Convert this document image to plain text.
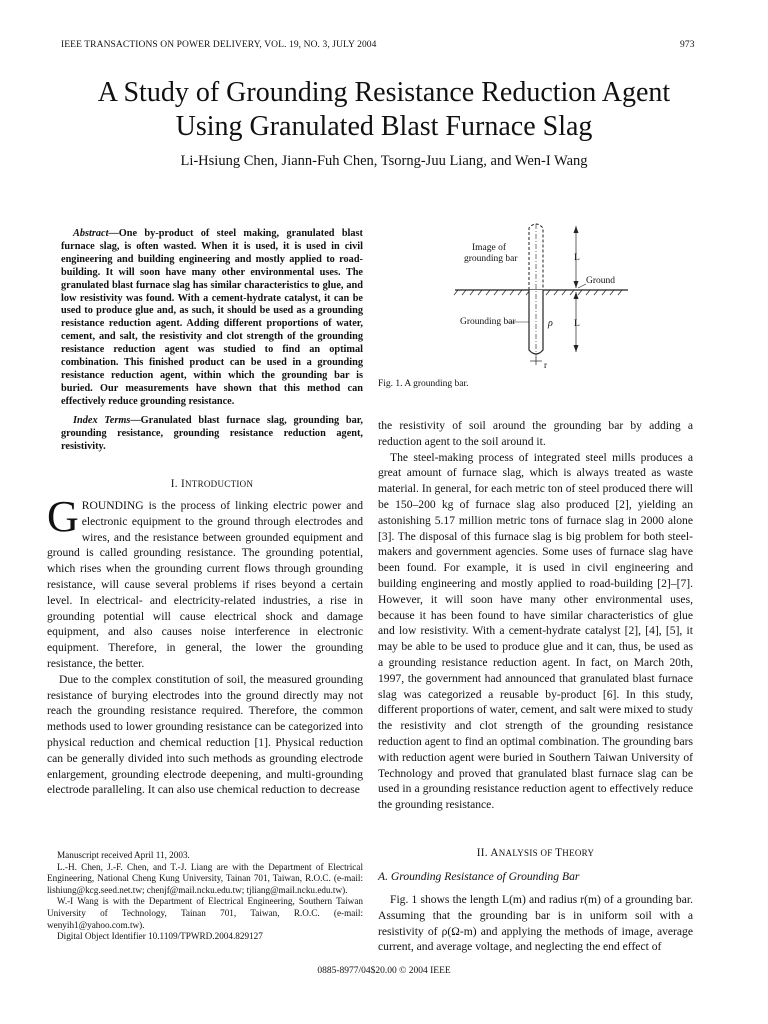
IEEE TRANSACTIONS ON POWER DELIVERY, VOL. 19, NO. 3, JULY 2004	973
A Study of Grounding Resistance Reduction Agent
Using Granulated Blast Furnace Slag
Li-Hsiung Chen, Jiann-Fuh Chen, Tsorng-Juu Liang, and Wen-I Wang

Abstract—One by-product of steel making, granulated blast furnace slag, is often wasted. When it is used, it is used in civil engineering and building engineering and mostly applied to road-building. It will soon have many other environmental uses. The granulated blast furnace slag has similar characteristics to glue, and low resistivity was found. With a cement-hydrate catalyst, it can be used to produce glue and, as such, it should be used as a grounding resistance reduction agent. Adding different proportions of water, cement, and salt, the resistivity and clot strength of the grounding resistance reduction agent was studied to find an optimal combination. This finished product can be used in a grounding resistance reduction agent, within which the grounding bar is buried. Our measurements have shown that this method can effectively reduce grounding resistance.

Index Terms—Granulated blast furnace slag, grounding bar, grounding resistance, grounding resistance reduction agent, resistivity.

I. INTRODUCTION

GROUNDING is the process of linking electric power and electronic equipment to the ground through electrodes and wires, and the resistance between grounded equipment and ground is called grounding resistance. The grounding potential, which rises when the grounding current flows through grounding resistance, will cause several problems if rises beyond a certain level. In electrical- and electricity-related industries, a rise in grounding potential will cause electrical shock and damage equipment, and also causes noise interference in electronic equipment. Therefore, in general, the lower the grounding resistance, the better.

Due to the complex constitution of soil, the measured grounding resistance of burying electrodes into the ground directly may not reach the grounding resistance required. Therefore, the common methods used to lower grounding resistance can be categorized into physical reduction and chemical reduction [1]. Physical reduction can be generally divided into such methods as grounding electrode enlargement, grounding electrode deepening, and multi-grounding electrode paralleling. It can also use chemical reduction to decrease

Manuscript received April 11, 2003.

L.-H. Chen, J.-F. Chen, and T.-J. Liang are with the Department of Electrical Engineering, National Cheng Kung University, Tainan 701, Taiwan, R.O.C. (e-mail: lishiung@kcg.seed.net.tw; chenjf@mail.ncku.edu.tw; tjliang@mail.ncku.edu.tw).

W.-I Wang is with the Department of Electrical Engineering, Southern Taiwan University of Technology, Tainan 701, Taiwan, R.O.C. (e-mail: wenyih1@yahoo.com.tw).

Digital Object Identifier 10.1109/TPWRD.2004.829127

Image of
grounding bar
Ground
Grounding bar	ρ
L
L
r
Fig. 1. A grounding bar.

the resistivity of soil around the grounding bar by adding a reduction agent to the soil around it.

The steel-making process of integrated steel mills produces a great amount of furnace slag, which is always treated as waste material. In general, for each metric ton of steel produced there will be 150–200 kg of furnace slag also produced [2], yielding an astonishing 5.17 million metric tons of furnace slag in 2000 alone [3]. The disposal of this furnace slag is big problem for both steel-makers and government agencies. Some uses of furnace slag have been found. For example, it is used in civil engineering and building engineering and mostly applied to road-building [2]–[7]. However, it will soon have many other environmental uses, because it has been found to have similar characteristics of glue and low resistivity. With a cement-hydrate catalyst [2], [4], [5], it may be able to be used to produce glue and it can, thus, be used as a grounding resistance reduction agent. In fact, on March 20th, 1997, the government had announced that granulated blast furnace slag was categorized a reusable by-product [6]. In this study, different proportions of water, cement, and salt were mixed to study the resistivity and clot strength of the grounding resistance reduction agent to find an optimal combination. The grounding bars with reduction agent were buried in Southern Taiwan University of Technology and proved that granulated blast furnace slag can be used in a grounding resistance reduction agent to effectively reduce the grounding resistance.

II. ANALYSIS OF THEORY
A. Grounding Resistance of Grounding Bar

Fig. 1 shows the length L(m) and radius r(m) of a grounding bar. Assuming that the grounding bar is in uniform soil with a resistivity of ρ(Ω-m) and applying the methods of image, average current, and average voltage, and neglecting the end effect of

0885-8977/04$20.00 © 2004 IEEE
